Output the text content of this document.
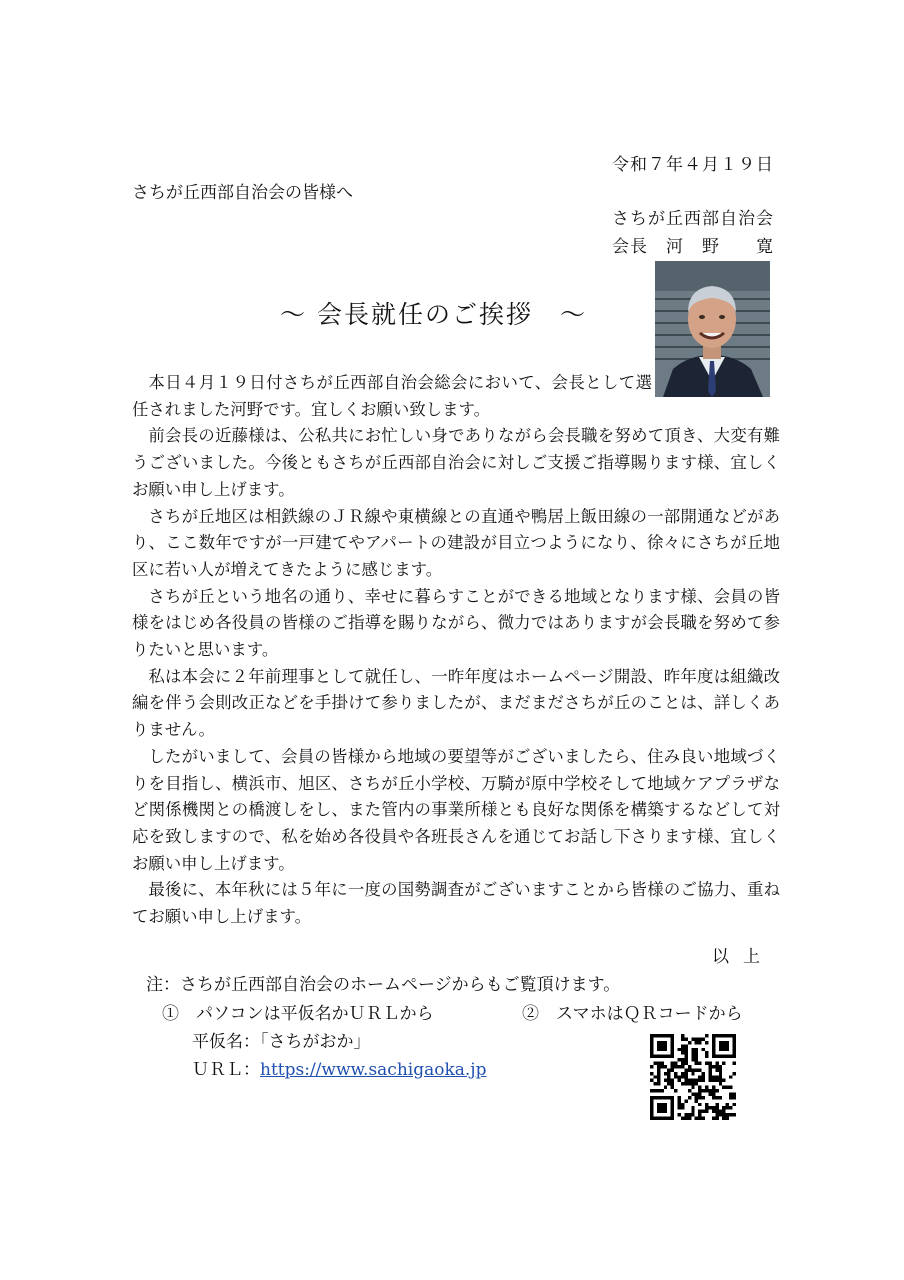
令和７年４月１９日
さちが丘西部自治会の皆様へ
さちが丘西部自治会
会長　河　野　　寛
～ 会長就任のご挨拶　～

本日４月１９日付さちが丘西部自治会総会において、会長として選任されました河野です。宜しくお願い致します。

前会長の近藤様は、公私共にお忙しい身でありながら会長職を努めて頂き、大変有難うございました。今後ともさちが丘西部自治会に対しご支援ご指導賜ります様、宜しくお願い申し上げます。

さちが丘地区は相鉄線のＪＲ線や東横線との直通や鴨居上飯田線の一部開通などがあり、ここ数年ですが一戸建てやアパートの建設が目立つようになり、徐々にさちが丘地区に若い人が増えてきたように感じます。

さちが丘という地名の通り、幸せに暮らすことができる地域となります様、会員の皆様をはじめ各役員の皆様のご指導を賜りながら、微力ではありますが会長職を努めて参りたいと思います。

私は本会に２年前理事として就任し、一昨年度はホームページ開設、昨年度は組織改編を伴う会則改正などを手掛けて参りましたが、まだまださちが丘のことは、詳しくありません。

したがいまして、会員の皆様から地域の要望等がございましたら、住み良い地域づくりを目指し、横浜市、旭区、さちが丘小学校、万騎が原中学校そして地域ケアプラザなど関係機関との橋渡しをし、また管内の事業所様とも良好な関係を構築するなどして対応を致しますので、私を始め各役員や各班長さんを通じてお話し下さります様、宜しくお願い申し上げます。

最後に、本年秋には５年に一度の国勢調査がございますことから皆様のご協力、重ねてお願い申し上げます。

以上
注：さちが丘西部自治会のホームページからもご覧頂けます。
①　パソコンは平仮名かＵＲＬから	②　スマホはＱＲコードから
平仮名：「さちがおか」
ＵＲＬ：https://www.sachigaoka.jp
